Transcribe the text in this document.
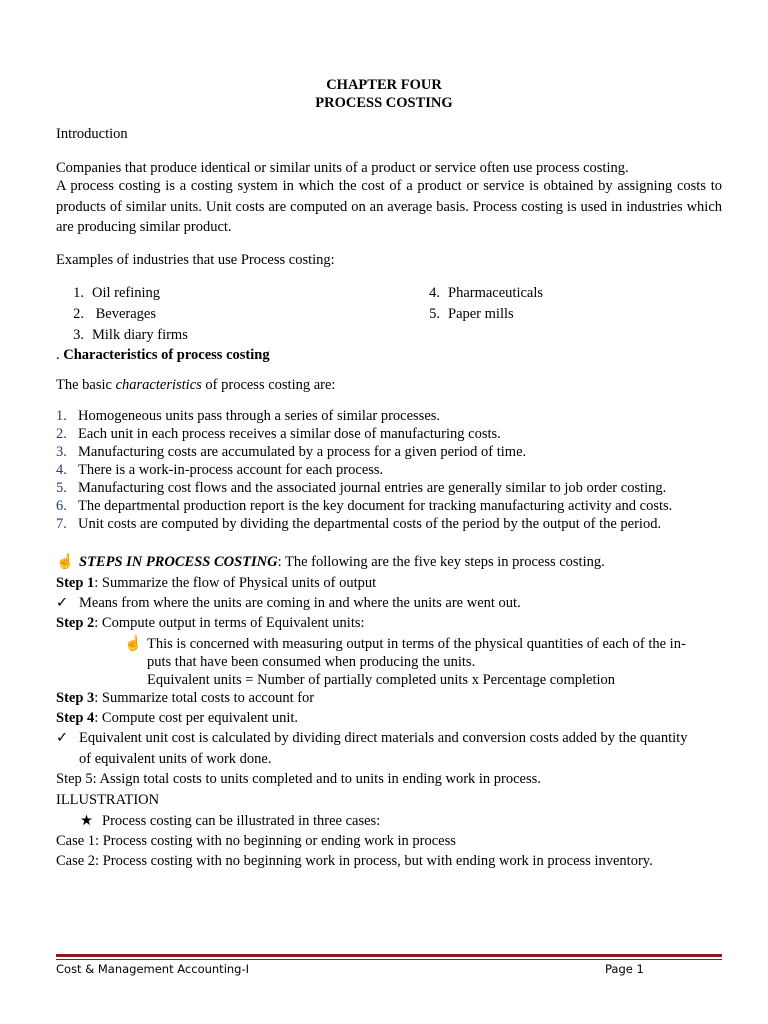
CHAPTER FOUR
PROCESS COSTING
Introduction
Companies that produce identical or similar units of a product or service often use process costing.
A process costing is a costing system in which the cost of a product or service is obtained by assigning costs to products of similar units. Unit costs are computed on an average basis. Process costing is used in industries which are producing similar product.
Examples of industries that use Process costing:
1. Oil refining
2. Beverages
3. Milk diary firms
4. Pharmaceuticals
5. Paper mills
. Characteristics of process costing
The basic characteristics of process costing are:
1. Homogeneous units pass through a series of similar processes.
2. Each unit in each process receives a similar dose of manufacturing costs.
3. Manufacturing costs are accumulated by a process for a given period of time.
4. There is a work-in-process account for each process.
5. Manufacturing cost flows and the associated journal entries are generally similar to job order costing.
6. The departmental production report is the key document for tracking manufacturing activity and costs.
7. Unit costs are computed by dividing the departmental costs of the period by the output of the period.
☝ STEPS IN PROCESS COSTING: The following are the five key steps in process costing.
Step 1: Summarize the flow of Physical units of output
✓ Means from where the units are coming in and where the units are went out.
Step 2: Compute output in terms of Equivalent units:
☝ This is concerned with measuring output in terms of the physical quantities of each of the in-
puts that have been consumed when producing the units.
Equivalent units = Number of partially completed units x Percentage completion
Step 3: Summarize total costs to account for
Step 4: Compute cost per equivalent unit.
✓ Equivalent unit cost is calculated by dividing direct materials and conversion costs added by the quantity
of equivalent units of work done.
Step 5: Assign total costs to units completed and to units in ending work in process.
ILLUSTRATION
★ Process costing can be illustrated in three cases:
Case 1: Process costing with no beginning or ending work in process
Case 2: Process costing with no beginning work in process, but with ending work in process inventory.
Cost & Management Accounting-I	Page 1
